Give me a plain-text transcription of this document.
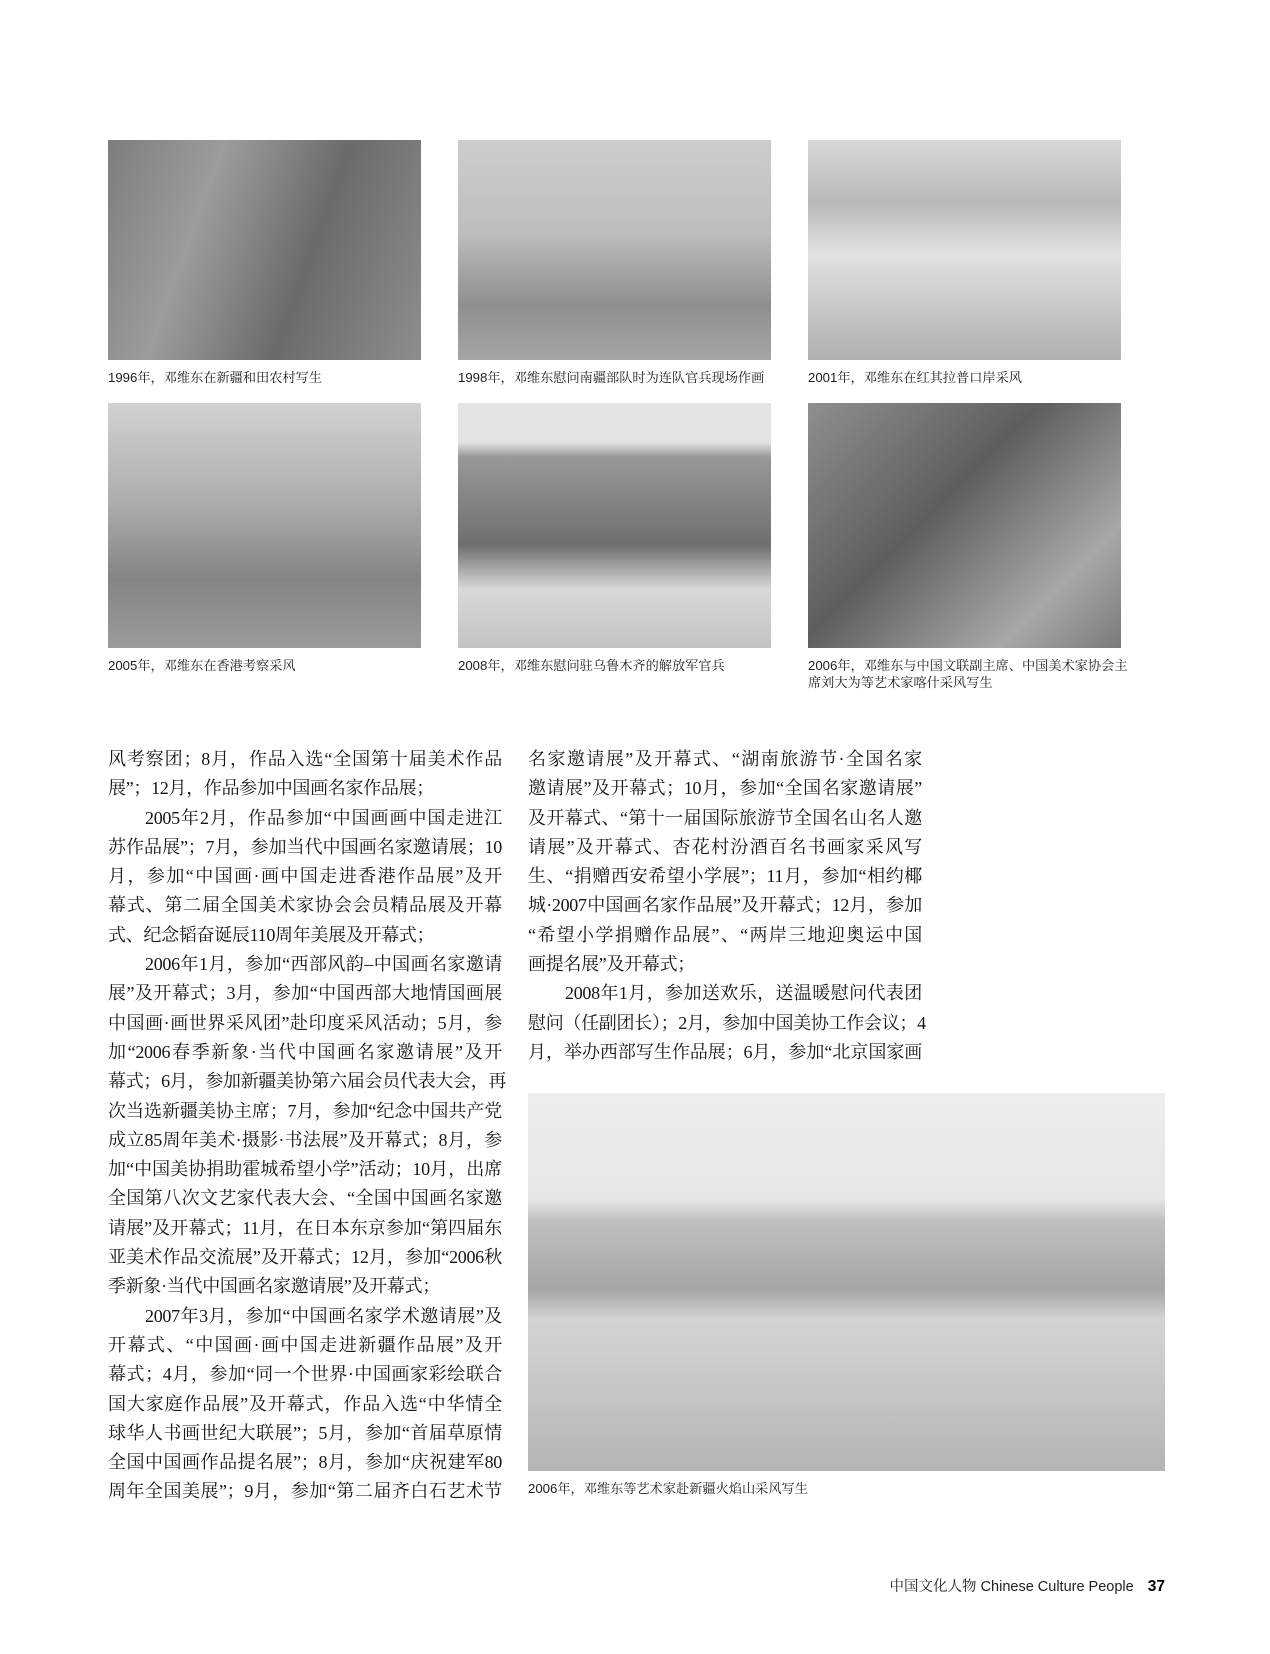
1996年，邓维东在新疆和田农村写生	1998年，邓维东慰问南疆部队时为连队官兵现场作画	2001年，邓维东在红其拉普口岸采风
2005年，邓维东在香港考察采风	2008年，邓维东慰问驻乌鲁木齐的解放军官兵	2006年，邓维东与中国文联副主席、中国美术家协会主席刘大为等艺术家喀什采风写生
风考察团；8月，作品入选“全国第十届美术作品
展”；12月，作品参加中国画名家作品展；
2005年2月，作品参加“中国画画中国走进江
苏作品展”；7月，参加当代中国画名家邀请展；10
月，参加“中国画·画中国走进香港作品展”及开
幕式、第二届全国美术家协会会员精品展及开幕
式、纪念韬奋诞辰110周年美展及开幕式；
2006年1月，参加“西部风韵–中国画名家邀请
展”及开幕式；3月，参加“中国西部大地情国画展
中国画·画世界采风团”赴印度采风活动；5月，参
加“2006春季新象·当代中国画名家邀请展”及开
幕式；6月，参加新疆美协第六届会员代表大会，再
次当选新疆美协主席；7月，参加“纪念中国共产党
成立85周年美术·摄影·书法展”及开幕式；8月，参
加“中国美协捐助霍城希望小学”活动；10月，出席
全国第八次文艺家代表大会、“全国中国画名家邀
请展”及开幕式；11月，在日本东京参加“第四届东
亚美术作品交流展”及开幕式；12月，参加“2006秋
季新象·当代中国画名家邀请展”及开幕式；
2007年3月，参加“中国画名家学术邀请展”及
开幕式、“中国画·画中国走进新疆作品展”及开
幕式；4月，参加“同一个世界·中国画家彩绘联合
国大家庭作品展”及开幕式，作品入选“中华情全
球华人书画世纪大联展”；5月，参加“首届草原情
全国中国画作品提名展”；8月，参加“庆祝建军80
周年全国美展”；9月，参加“第二届齐白石艺术节
名家邀请展”及开幕式、“湖南旅游节·全国名家
邀请展”及开幕式；10月，参加“全国名家邀请展”
及开幕式、“第十一届国际旅游节全国名山名人邀
请展”及开幕式、杏花村汾酒百名书画家采风写
生、“捐赠西安希望小学展”；11月，参加“相约椰
城·2007中国画名家作品展”及开幕式；12月，参加
“希望小学捐赠作品展”、“两岸三地迎奥运中国
画提名展”及开幕式；
2008年1月，参加送欢乐，送温暖慰问代表团
慰问（任副团长）；2月，参加中国美协工作会议；4
月，举办西部写生作品展；6月，参加“北京国家画
2006年，邓维东等艺术家赴新疆火焰山采风写生
中国文化人物 Chinese Culture People 37
